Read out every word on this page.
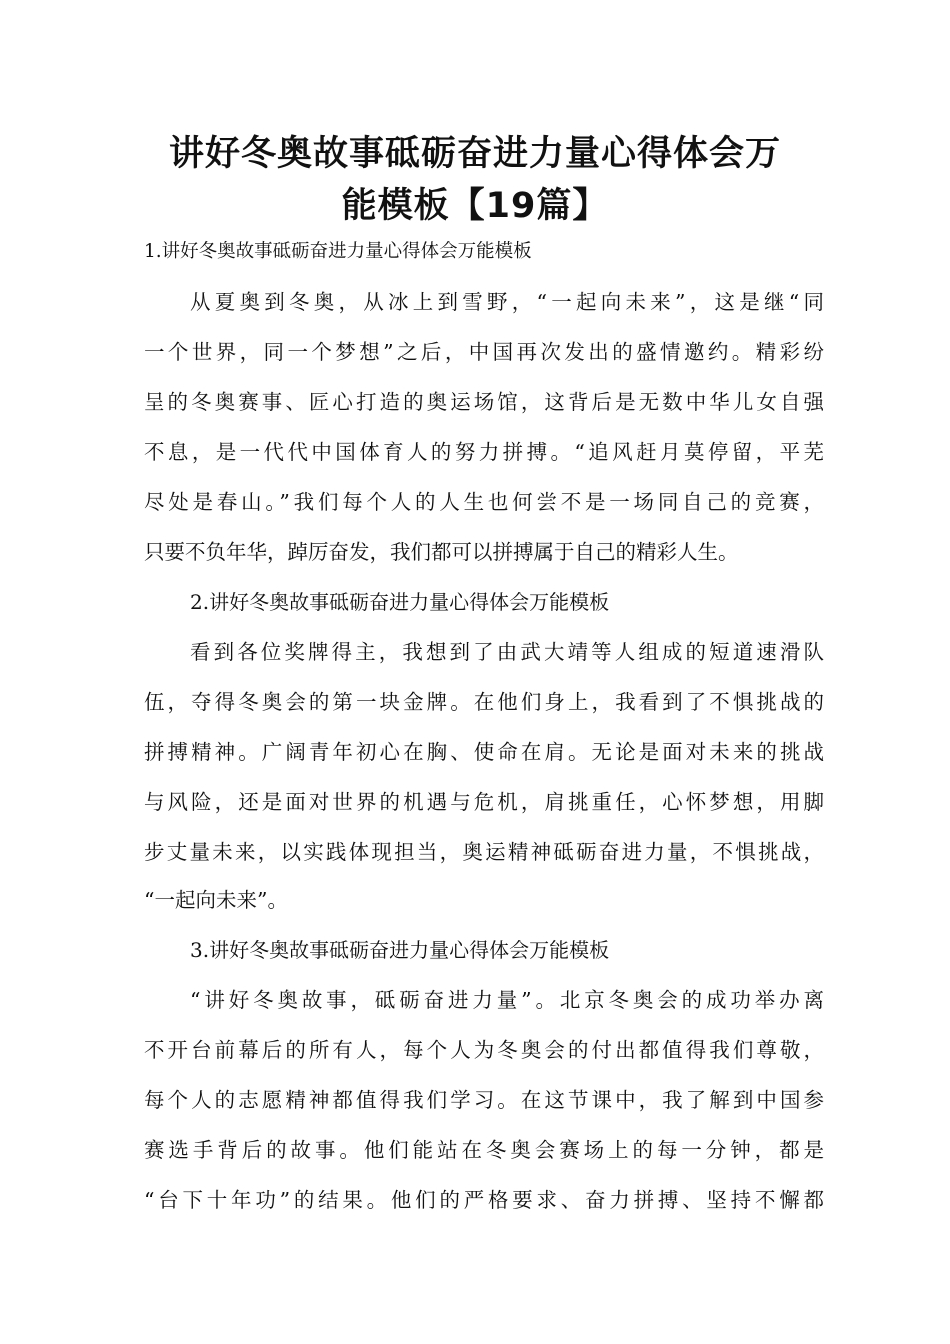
讲好冬奥故事砥砺奋进力量心得体会万
能模板【19篇】

1.讲好冬奥故事砥砺奋进力量心得体会万能模板

从夏奥到冬奥，从冰上到雪野，“一起向未来”，这是继“同

一个世界，同一个梦想”之后，中国再次发出的盛情邀约。精彩纷

呈的冬奥赛事、匠心打造的奥运场馆，这背后是无数中华儿女自强

不息，是一代代中国体育人的努力拼搏。“追风赶月莫停留，平芜

尽处是春山。”我们每个人的人生也何尝不是一场同自己的竞赛，

只要不负年华，踔厉奋发，我们都可以拼搏属于自己的精彩人生。

2.讲好冬奥故事砥砺奋进力量心得体会万能模板

看到各位奖牌得主，我想到了由武大靖等人组成的短道速滑队

伍，夺得冬奥会的第一块金牌。在他们身上，我看到了不惧挑战的

拼搏精神。广阔青年初心在胸、使命在肩。无论是面对未来的挑战

与风险，还是面对世界的机遇与危机，肩挑重任，心怀梦想，用脚

步丈量未来，以实践体现担当，奥运精神砥砺奋进力量，不惧挑战，

“一起向未来”。

3.讲好冬奥故事砥砺奋进力量心得体会万能模板

“讲好冬奥故事，砥砺奋进力量”。北京冬奥会的成功举办离

不开台前幕后的所有人，每个人为冬奥会的付出都值得我们尊敬，

每个人的志愿精神都值得我们学习。在这节课中，我了解到中国参

赛选手背后的故事。他们能站在冬奥会赛场上的每一分钟，都是

“台下十年功”的结果。他们的严格要求、奋力拼搏、坚持不懈都
